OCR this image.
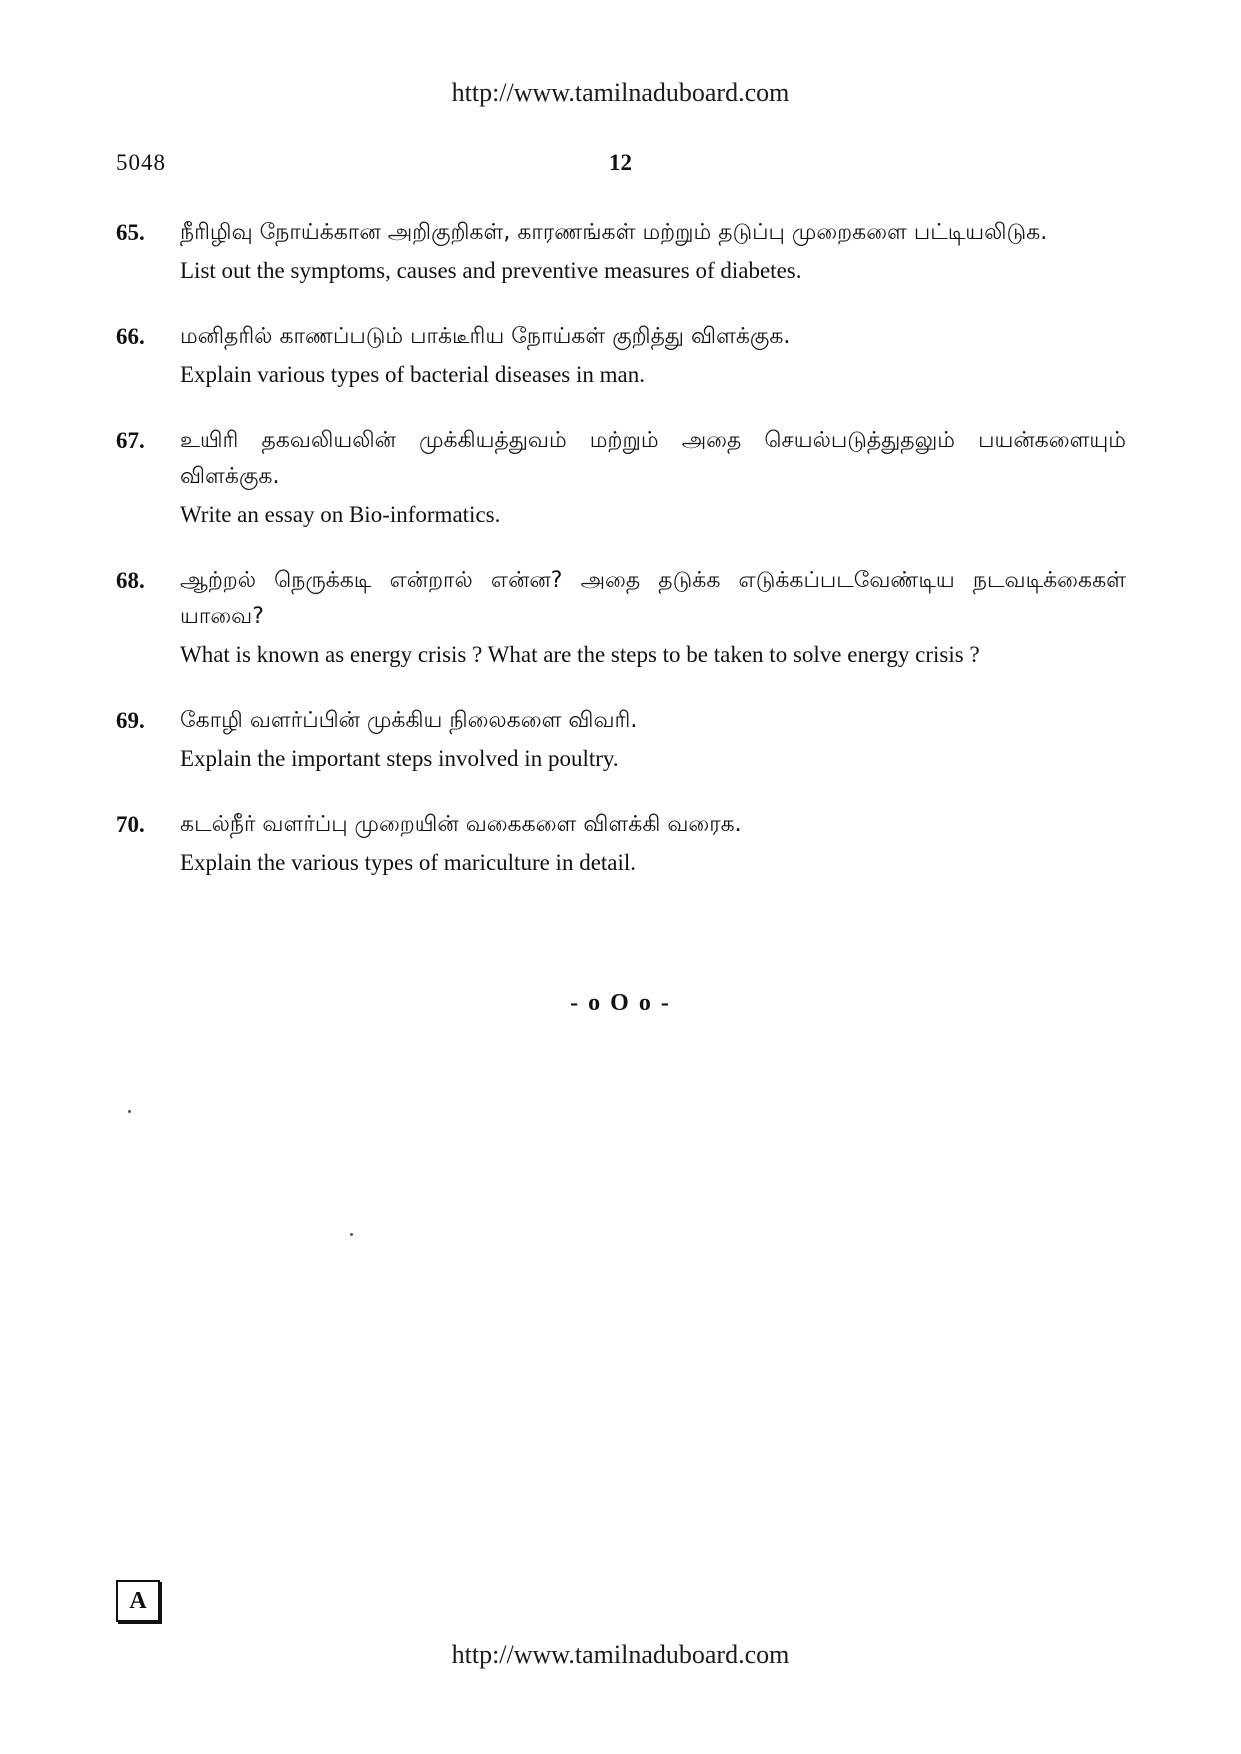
http://www.tamilnaduboard.com
5048	12
65.	நீரிழிவு நோய்க்கான அறிகுறிகள், காரணங்கள் மற்றும் தடுப்பு முறைகளை பட்டியலிடுக.
List out the symptoms, causes and preventive measures of diabetes.
66.	மனிதரில் காணப்படும் பாக்டீரிய நோய்கள் குறித்து விளக்குக.
Explain various types of bacterial diseases in man.
67.	உயிரி தகவலியலின் முக்கியத்துவம் மற்றும் அதை செயல்படுத்துதலும் பயன்களையும் விளக்குக.
Write an essay on Bio-informatics.
68.	ஆற்றல் நெருக்கடி என்றால் என்ன? அதை தடுக்க எடுக்கப்படவேண்டிய நடவடிக்கைகள் யாவை?
What is known as energy crisis ? What are the steps to be taken to solve energy crisis ?
69.	கோழி வளர்ப்பின் முக்கிய நிலைகளை விவரி.
Explain the important steps involved in poultry.
70.	கடல்நீர் வளர்ப்பு முறையின் வகைகளை விளக்கி வரைக.
Explain the various types of mariculture in detail.
- o O o -
A
http://www.tamilnaduboard.com
